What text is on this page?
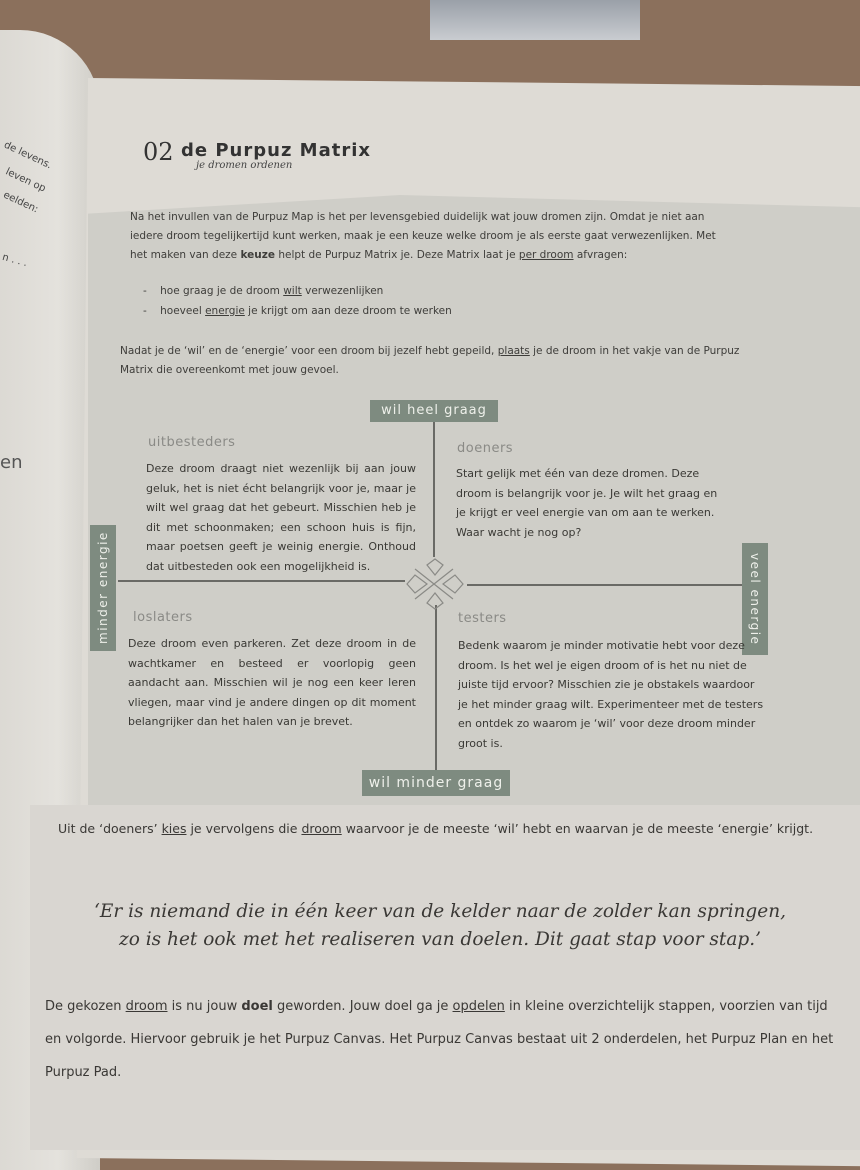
de levens.
leven op
eelden:
n . . .
en
02 de Purpuz Matrix
je dromen ordenen

Na het invullen van de Purpuz Map is het per levensgebied duidelijk wat jouw dromen zijn. Omdat je niet aan iedere droom tegelijkertijd kunt werken, maak je een keuze welke droom je als eerste gaat verwezenlijken. Met het maken van deze keuze helpt de Purpuz Matrix je. Deze Matrix laat je per droom afvragen:

-    hoe graag je de droom wilt verwezenlijken

-    hoeveel energie je krijgt om aan deze droom te werken

Nadat je de ‘wil’ en de ‘energie’ voor een droom bij jezelf hebt gepeild, plaats je de droom in het vakje van de Purpuz Matrix die overeenkomt met jouw gevoel.

wil heel graag
wil minder graag
minder energie	veel energie
uitbesteders

Deze droom draagt niet wezenlijk bij aan jouw geluk, het is niet écht belangrijk voor je, maar je wilt wel graag dat het gebeurt. Misschien heb je dit met schoonmaken; een schoon huis is fijn, maar poetsen geeft je weinig energie. Onthoud dat uitbesteden ook een mogelijkheid is.

doeners

Start gelijk met één van deze dromen. Deze droom is belangrijk voor je. Je wilt het graag en je krijgt er veel energie van om aan te werken. Waar wacht je nog op?

loslaters

Deze droom even parkeren. Zet deze droom in de wachtkamer en besteed er voorlopig geen aandacht aan. Misschien wil je nog een keer leren vliegen, maar vind je andere dingen op dit moment belangrijker dan het halen van je brevet.

testers

Bedenk waarom je minder motivatie hebt voor deze droom. Is het wel je eigen droom of is het nu niet de juiste tijd ervoor? Misschien zie je obstakels waardoor je het minder graag wilt. Experimenteer met de testers en ontdek zo waarom je ‘wil’ voor deze droom minder groot is.

Uit de ‘doeners’ kies je vervolgens die droom waarvoor je de meeste ‘wil’ hebt en waarvan je de meeste ‘energie’ krijgt.

‘Er is niemand die in één keer van de kelder naar de zolder kan springen,
zo is het ook met het realiseren van doelen. Dit gaat stap voor stap.’

De gekozen droom is nu jouw doel geworden. Jouw doel ga je opdelen in kleine overzichtelijk stappen, voorzien van tijd en volgorde. Hiervoor gebruik je het Purpuz Canvas. Het Purpuz Canvas bestaat uit 2 onderdelen, het Purpuz Plan en het Purpuz Pad.
